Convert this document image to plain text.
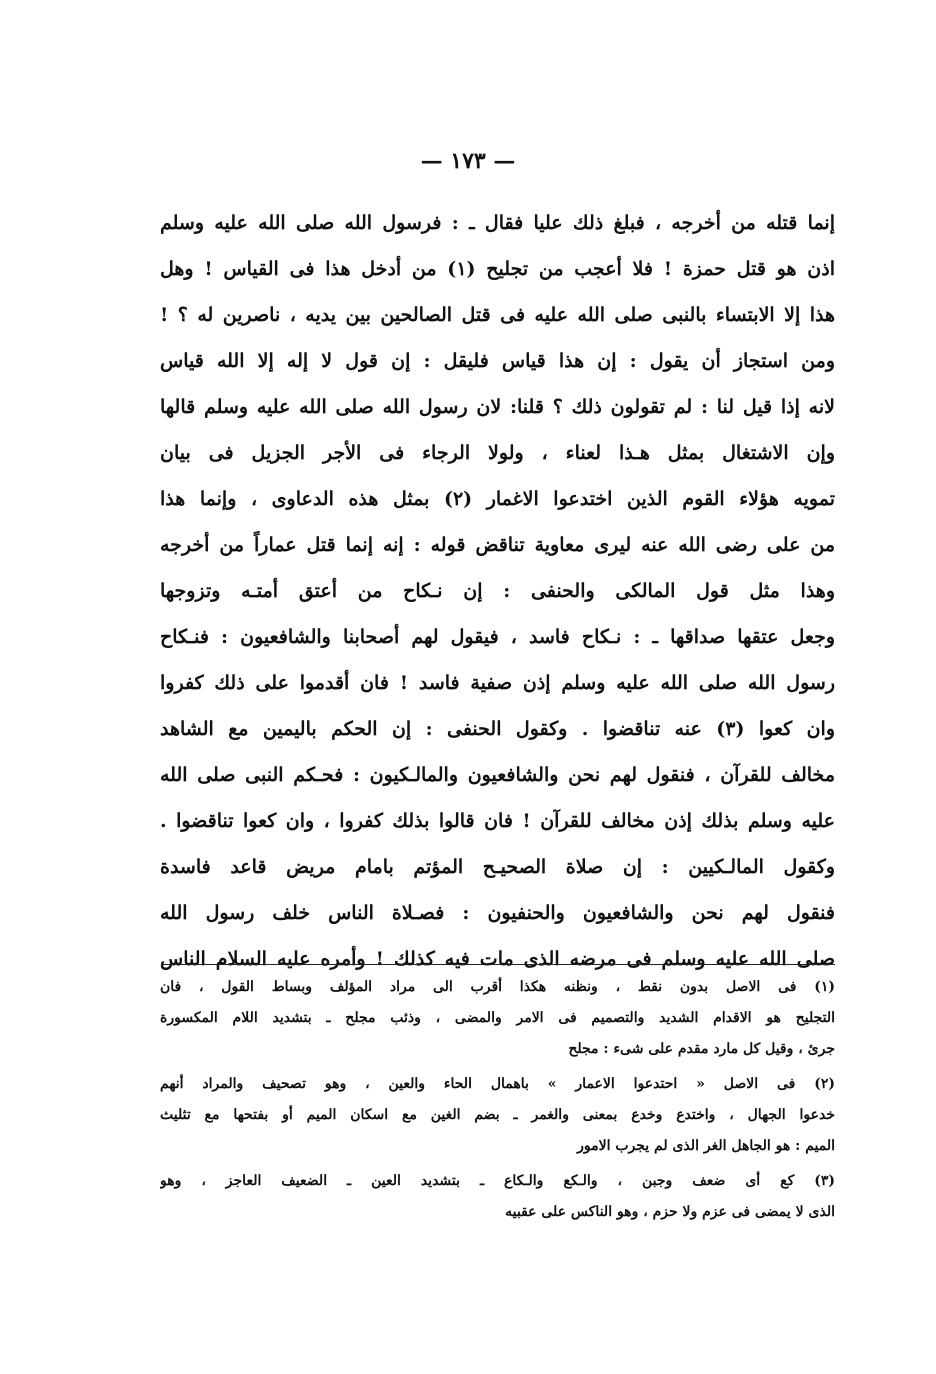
— ١٧٣ —
إنما قتله من أخرجه ، فبلغ ذلك عليا فقال ـ : فرسول الله صلى الله عليه وسلم
اذن هو قتل حمزة ! فلا أعجب من تجليح (١) من أدخل هذا فى القياس ! وهل
هذا إلا الابتساء بالنبى صلى الله عليه فى قتل الصالحين بين يديه ، ناصرين له ؟ !
ومن استجاز أن يقول : إن هذا قياس فليقل : إن قول لا إله إلا الله قياس
لانه إذا قيل لنا : لم تقولون ذلك ؟ قلنا: لان رسول الله صلى الله عليه وسلم قالها
وإن الاشتغال بمثل هـذا لعناء ، ولولا الرجاء فى الأجر الجزيل فى بيان
تمويه هؤلاء القوم الذين اختدعوا الاغمار (٢) بمثل هذه الدعاوى ، وإنما هذا
من على رضى الله عنه ليرى معاوية تناقض قوله : إنه إنما قتل عماراً من أخرجه
وهذا مثل قول المالكى والحنفى : إن نـكاح من أعتق أمتـه وتزوجها
وجعل عتقها صداقها ـ : نـكاح فاسد ، فيقول لهم أصحابنا والشافعيون : فنـكاح
رسول الله صلى الله عليه وسلم إذن صفية فاسد ! فان أقدموا على ذلك كفروا
وان كعوا (٣) عنه تناقضوا . وكقول الحنفى : إن الحكم باليمين مع الشاهد
مخالف للقرآن ، فنقول لهم نحن والشافعيون والمالـكيون : فحـكم النبى صلى الله
عليه وسلم بذلك إذن مخالف للقرآن ! فان قالوا بذلك كفروا ، وان كعوا تناقضوا .
وكقول المالـكيين : إن صلاة الصحيـح المؤتم بامام مريض قاعد فاسدة
فنقول لهم نحن والشافعيون والحنفيون : فصـلاة الناس خلف رسول الله
صلى الله عليه وسلم فى مرضه الذى مات فيه كذلك ! وأمره عليه السلام الناس
(١) فى الاصل بدون نقط ، ونظنه هكذا أقرب الى مراد المؤلف وبساط القول ، فان
التجليح هو الاقدام الشديد والتصميم فى الامر والمضى ، وذئب مجلح ـ بتشديد اللام المكسورة
جرئ ، وقيل كل مارد مقدم على شىء : مجلح
(٢) فى الاصل « احتدعوا الاعمار » باهمال الحاء والعين ، وهو تصحيف والمراد أنهم
خدعوا الجهال ، واختدع وخدع بمعنى والغمر ـ بضم الغين مع اسكان الميم أو بفتحها مع تثليث
الميم : هو الجاهل الغر الذى لم يجرب الامور
(٣) كع أى ضعف وجبن ، والـكع والـكاع ـ بتشديد العين ـ الضعيف العاجز ، وهو
الذى لا يمضى فى عزم ولا حزم ، وهو الناكس على عقبيه
